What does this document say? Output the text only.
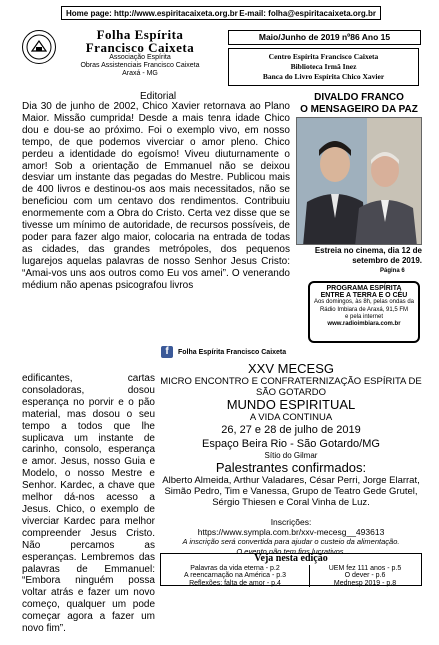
Home page: http://www.espiritacaixeta.org.br E-mail: folha@espiritacaixeta.org.br
Folha Espírita
Francisco Caixeta
Associação Espírita
Obras Assistenciais Francisco Caixeta
Araxá - MG
Maio/Junho de 2019 nº86 Ano 15
Centro Espírita Francisco Caixeta
Biblioteca Irmã Inez
Banca do Livro Espírita Chico Xavier
Editorial

Dia 30 de junho de 2002, Chico Xavier retornava ao Plano Maior. Missão cumprida! Desde a mais tenra idade Chico dou e dou-se ao próximo. Foi o exemplo vivo, em nosso tempo, de que podemos viverciar o amor pleno. Chico perdeu a identidade do egoísmo! Viveu diuturnamente o amor! Sob a orientação de Emmanuel não se deixou desviar um instante das pegadas do Mestre. Publicou mais de 400 livros e destinou-os aos mais necessitados, não se beneficiou com um centavo dos rendimentos. Contribuiu enormemente com a Obra do Cristo. Certa vez disse que se tivesse um mínimo de autoridade, de recursos possíveis, de poder para fazer algo maior, colocaria na entrada de todas as cidades, das grandes metrópoles, dos pequenos lugarejos aquelas palavras de nosso Senhor Jesus Cristo: “Amai-vos uns aos outros como Eu vos amei”. O venerando médium não apenas psicografou livros

edificantes, cartas consoladoras, dosou esperança no porvir e o pão material, mas dosou o seu tempo a todos que lhe suplicava um instante de carinho, consolo, esperança e amor. Jesus, nosso Guia e Modelo, o nosso Mestre e Senhor. Kardec, a chave que melhor dá-nos acesso a Jesus. Chico, o exemplo de viverciar Kardec para melhor compreender Jesus Cristo. Não percamos as esperanças. Lembremos das palavras de Emmanuel: “Embora ninguém possa voltar atrás e fazer um novo começo, qualquer um pode começar agora a fazer um novo fim”.

DIVALDO FRANCO
O MENSAGEIRO DA PAZ
Estreia no cinema, dia 12 de setembro de 2019.
Página 6
PROGRAMA ESPÍRITA
ENTRE A TERRA E O CÉU
Aos domingos, às 8h, pelas ondas da
Rádio Imbiara de Araxá, 91,5 FM
e pela internet
www.radioimbiara.com.br
f	Folha Espírita Francisco Caixeta
XXV MECESG
MICRO ENCONTRO E CONFRATERNIZAÇÃO ESPÍRITA DE SÃO GOTARDO
MUNDO ESPIRITUAL
A VIDA CONTINUA
26, 27 e 28 de julho de 2019
Espaço Beira Rio - São Gotardo/MG
Sítio do Gilmar
Palestrantes confirmados:
Alberto Almeida, Arthur Valadares, César Perri, Jorge Elarrat, Simão Pedro, Tim e Vanessa, Grupo de Teatro Gede Grutel, Sérgio Thiesen e Coral Vinha de Luz.
Inscrições:
https://www.sympla.com.br/xxv-mecesg__493613
A inscrição será convertida para ajudar o custeio da alimentação.
O evento não tem fins lucrativos.
Veja nesta edição
Palavras da vida eterna - p.2
A reencarnação na América - p.3
Reflexões: falta de amor - p.4
UEM fez 111 anos - p.5
O dever - p.6
Mednesp 2019 - p.8
